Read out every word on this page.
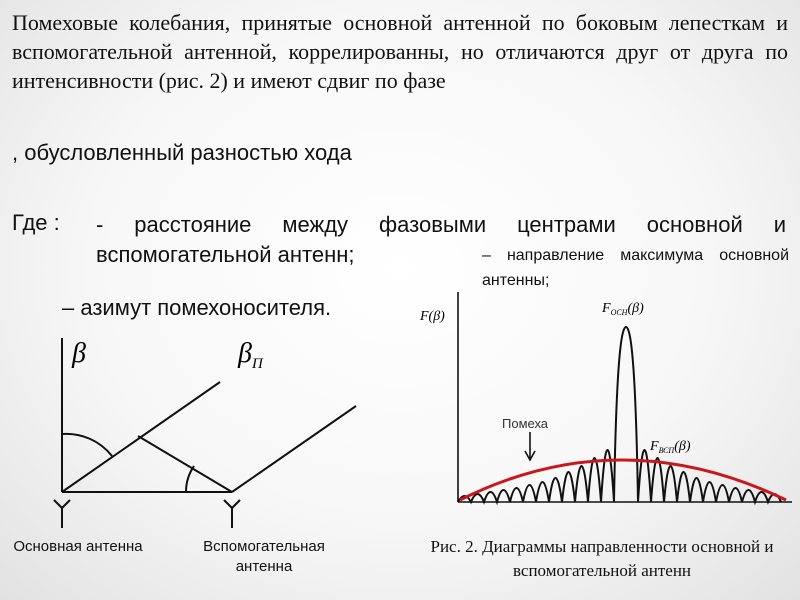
Помеховые колебания, принятые основной антенной по боковым лепесткам и вспомогательной антенной, коррелированны, но отличаются друг от друга по интенсивности (рис. 2) и имеют сдвиг по фазе

, обусловленный разностью хода
Где : - расстояние между фазовыми центрами основной и вспомогательной антенн;	– направление максимума основной антенны;

– азимут помехоносителя.
β	$\beta_П$
Основная антенна	Вспомогательная антенна
F(β)
$F_{ОСН}(\beta)$
$F_{ВСП}(\beta)$
Помеха

Рис. 2. Диаграммы направленности основной и вспомогательной антенн
